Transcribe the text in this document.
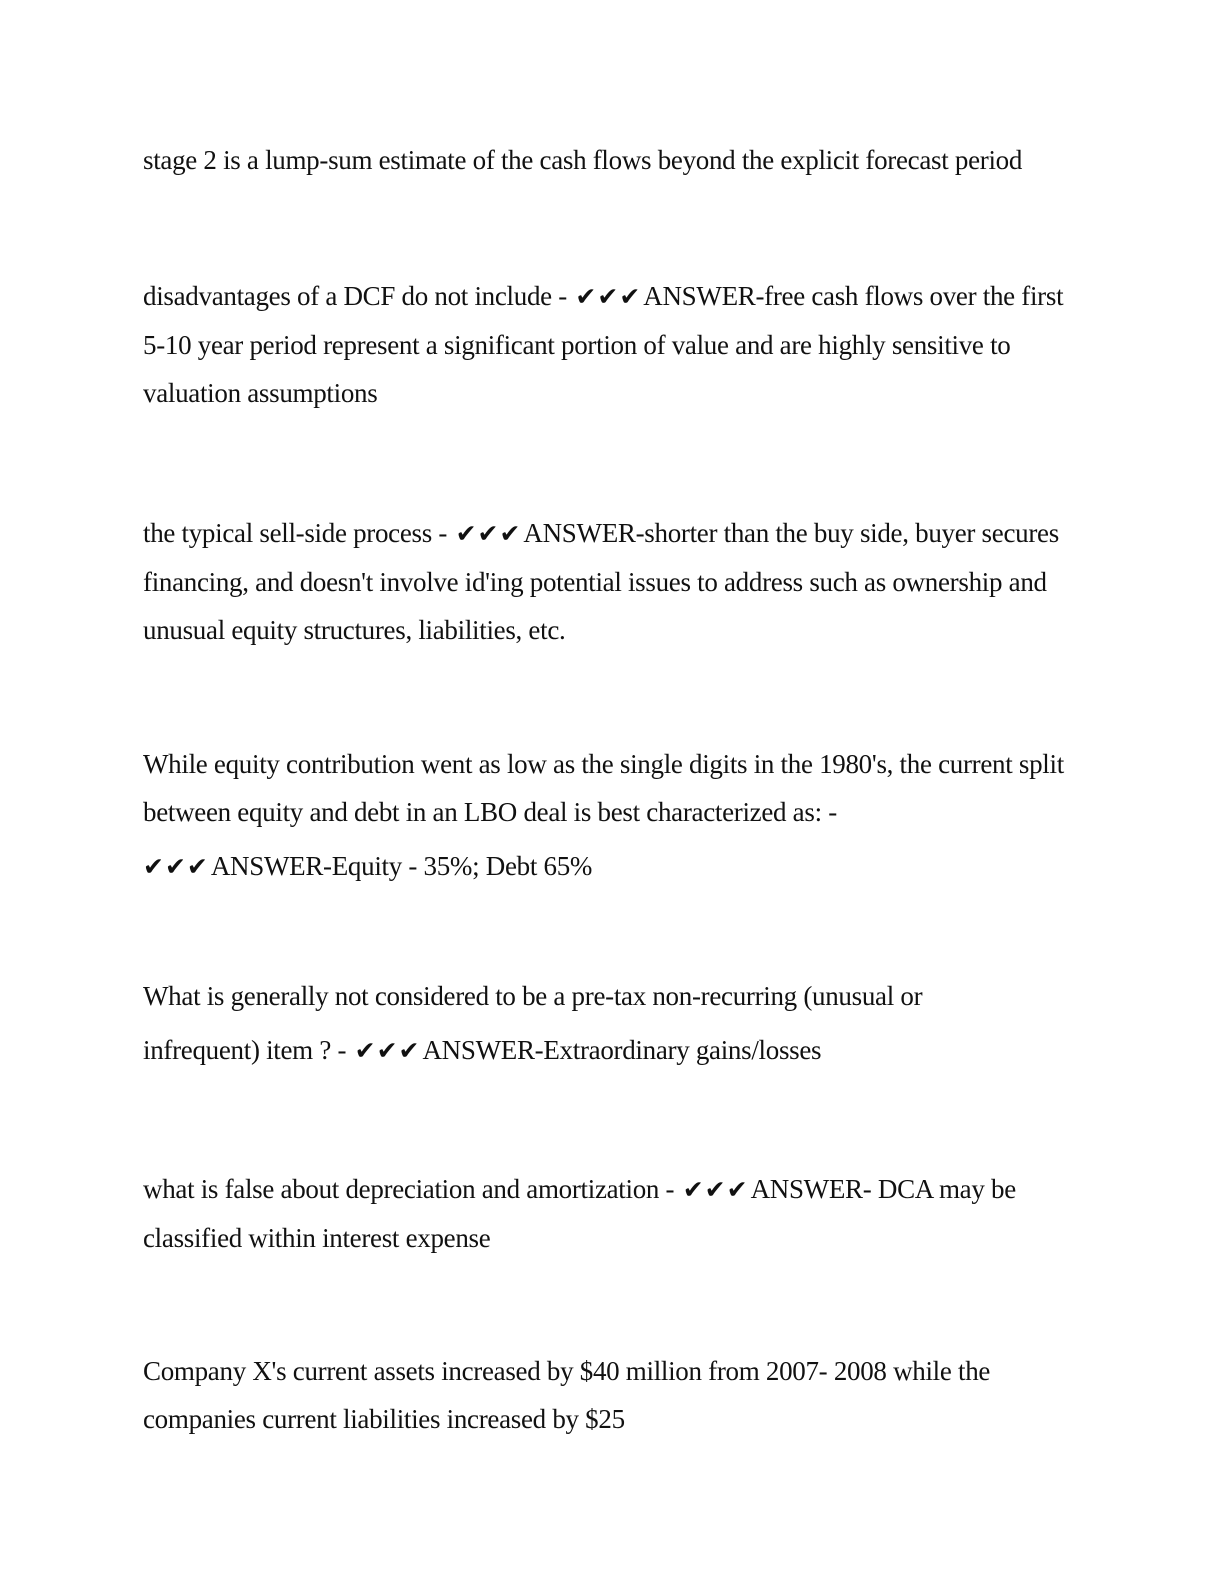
stage 2 is a lump-sum estimate of the cash flows beyond the explicit forecast period

disadvantages of a DCF do not include - ✔✔✔ANSWER-free cash flows over the first 5-10 year period represent a significant portion of value and are highly sensitive to valuation assumptions

the typical sell-side process - ✔✔✔ANSWER-shorter than the buy side, buyer secures financing, and doesn't involve id'ing potential issues to address such as ownership and unusual equity structures, liabilities, etc.

While equity contribution went as low as the single digits in the 1980's, the current split between equity and debt in an LBO deal is best characterized as: -
✔✔✔ANSWER-Equity - 35%; Debt 65%

What is generally not considered to be a pre-tax non-recurring (unusual or
infrequent) item ? - ✔✔✔ANSWER-Extraordinary gains/losses

what is false about depreciation and amortization - ✔✔✔ANSWER- DCA may be classified within interest expense

Company X's current assets increased by $40 million from 2007- 2008 while the companies current liabilities increased by $25
